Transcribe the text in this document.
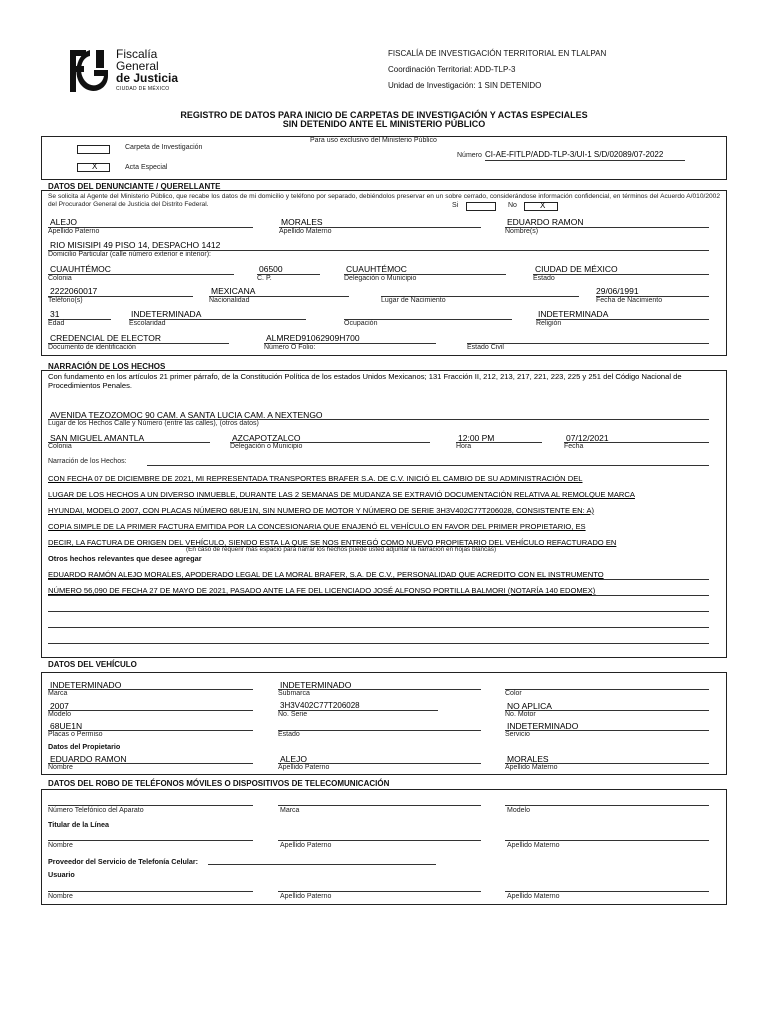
Fiscalía
General
de Justicia
CIUDAD DE MÉXICO
FISCALÍA DE INVESTIGACIÓN TERRITORIAL EN TLALPAN
Coordinación Territorial: ADD-TLP-3
Unidad de Investigación: 1 SIN DETENIDO
REGISTRO DE DATOS PARA INICIO DE CARPETAS DE INVESTIGACIÓN Y ACTAS ESPECIALES
SIN DETENIDO ANTE EL MINISTERIO PÚBLICO
Para uso exclusivo del Ministerio Público
Carpeta de Investigación
X	Acta Especial
Número CI-AE-FITLP/ADD-TLP-3/UI-1 S/D/02089/07-2022
DATOS DEL DENUNCIANTE / QUERELLANTE
Se solicita al Agente del Ministerio Público, que recabe los datos de mi domicilio y teléfono por separado, debiéndolos preservar en un sobre cerrado, considerándose información confidencial, en términos del Acuerdo A/010/2002 del Procurador General de Justicia del Distrito Federal.	Si	No	X
ALEJO
Apellido Paterno
MORALES
Apellido Materno
EDUARDO RAMON
Nombre(s)
RIO MISISIPI 49 PISO 14, DESPACHO 1412
Domicilio Particular (calle número exterior e interior):
CUAUHTÉMOC
Colonia
06500
C. P.
CUAUHTÉMOC
Delegación o Municipio
CIUDAD DE MÉXICO
Estado
2222060017
Teléfono(s)
MEXICANA
Nacionalidad	Lugar de Nacimiento
29/06/1991
Fecha de Nacimiento
31
Edad
INDETERMINADA
Escolaridad	Ocupación
INDETERMINADA
Religión
CREDENCIAL DE ELECTOR
Documento de identificación
ALMRED91062909H700
Número O Folio:	Estado Civil
NARRACIÓN DE LOS HECHOS
Con fundamento en los artículos 21 primer párrafo, de la Constitución Política de los estados Unidos Mexicanos; 131 Fracción II, 212, 213, 217, 221, 223, 225 y 251 del Código Nacional de Procedimientos Penales.
AVENIDA TEZOZOMOC 90 CAM. A SANTA LUCIA CAM. A NEXTENGO
Lugar de los Hechos Calle y Número (entre las calles), (otros datos)
SAN MIGUEL AMANTLA
Colonia
AZCAPOTZALCO
Delegación o Municipio
12:00 PM
Hora
07/12/2021
Fecha
Narración de los Hechos:
CON FECHA 07 DE DICIEMBRE DE 2021, MI REPRESENTADA TRANSPORTES BRAFER S.A. DE C.V. INICIÓ EL CAMBIO DE SU ADMINISTRACIÓN DEL
LUGAR DE LOS HECHOS A UN DIVERSO INMUEBLE, DURANTE LAS 2 SEMANAS DE MUDANZA SE EXTRAVIÓ DOCUMENTACIÓN RELATIVA AL REMOLQUE MARCA
HYUNDAI, MODELO 2007, CON PLACAS NÚMERO 68UE1N, SIN NUMERO DE MOTOR Y NÚMERO DE SERIE 3H3V402C77T206028, CONSISTENTE EN: A)
COPIA SIMPLE DE LA PRIMER FACTURA EMITIDA POR LA CONCESIONARIA QUE ENAJENÓ EL VEHÍCULO EN FAVOR DEL PRIMER PROPIETARIO, ES
DECIR, LA FACTURA DE ORIGEN DEL VEHÍCULO, SIENDO ESTA LA QUE SE NOS ENTREGÓ COMO NUEVO PROPIETARIO DEL VEHÍCULO REFACTURADO EN
(En caso de requerir más espacio para narrar los hechos puede usted adjuntar la narración en hojas blancas)
Otros hechos relevantes que desee agregar
EDUARDO RAMÓN ALEJO MORALES, APODERADO LEGAL DE LA MORAL BRAFER, S.A. DE C.V., PERSONALIDAD QUE ACREDITO CON EL INSTRUMENTO
NÚMERO 56,090 DE FECHA 27 DE MAYO DE 2021, PASADO ANTE LA FE DEL LICENCIADO JOSÉ ALFONSO PORTILLA BALMORI (NOTARÍA 140 EDOMEX)
DATOS DEL VEHÍCULO
INDETERMINADO
Marca
INDETERMINADO
Submarca	Color
2007
Modelo
3H3V402C77T206028
No. Serie
NO APLICA
No. Motor
68UE1N
Placas o Permiso	Estado
INDETERMINADO
Servicio
Datos del Propietario
EDUARDO RAMON
Nombre
ALEJO
Apellido Paterno
MORALES
Apellido Materno
DATOS DEL ROBO DE TELÉFONOS MÓVILES O DISPOSITIVOS DE TELECOMUNICACIÓN
Número Telefónico del Aparato	Marca	Modelo
Titular de la Línea
Nombre	Apellido Paterno	Apellido Materno
Proveedor del Servicio de Telefonía Celular:
Usuario
Nombre	Apellido Paterno	Apellido Materno
